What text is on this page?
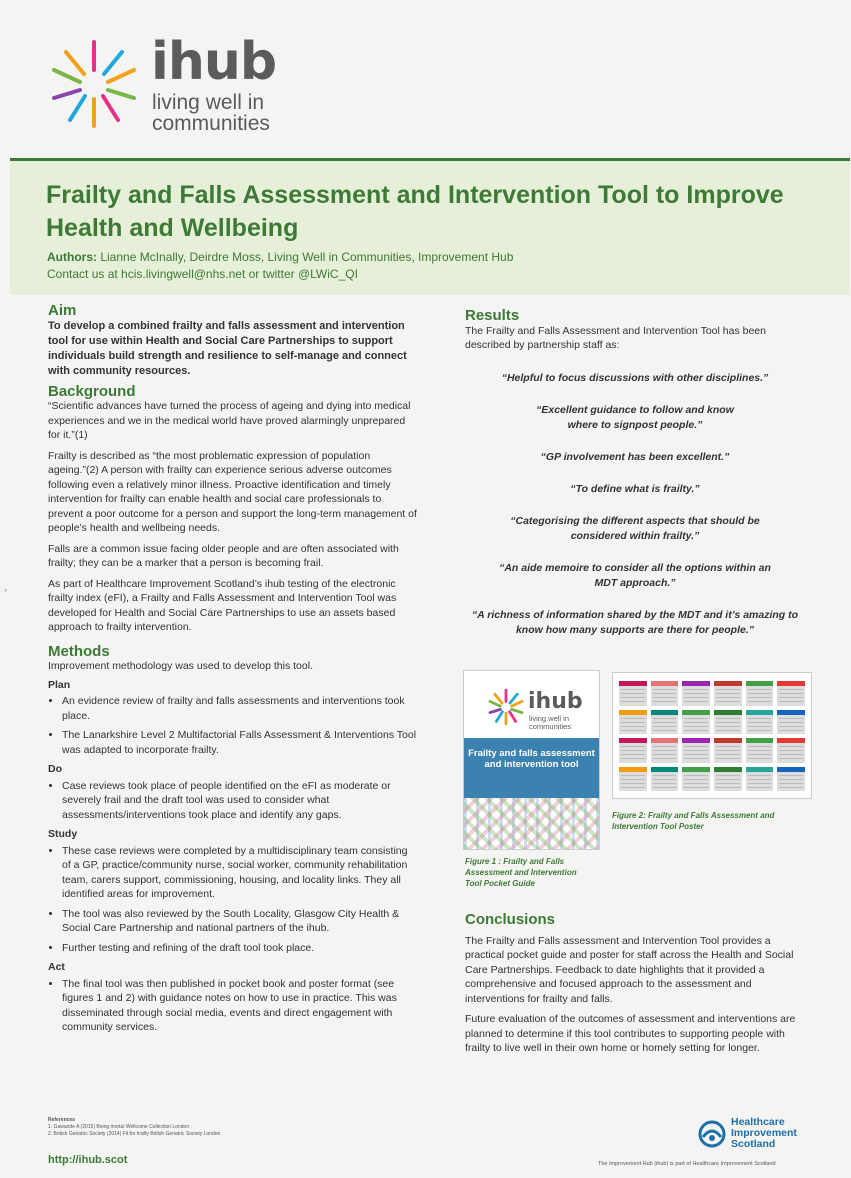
ihub
living well in
communities
Frailty and Falls Assessment and Intervention Tool to Improve Health and Wellbeing
Authors: Lianne McInally, Deirdre Moss, Living Well in Communities, Improvement Hub
Contact us at hcis.livingwell@nhs.net or twitter @LWiC_QI
◦
Aim

To develop a combined frailty and falls assessment and intervention tool for use within Health and Social Care Partnerships to support individuals build strength and resilience to self-manage and connect with community resources.

Background

“Scientific advances have turned the process of ageing and dying into medical experiences and we in the medical world have proved alarmingly unprepared for it.”(1)

Frailty is described as “the most problematic expression of population ageing.”(2) A person with frailty can experience serious adverse outcomes following even a relatively minor illness. Proactive identification and timely intervention for frailty can enable health and social care professionals to prevent a poor outcome for a person and support the long-term management of people’s health and wellbeing needs.

Falls are a common issue facing older people and are often associated with frailty; they can be a marker that a person is becoming frail.

As part of Healthcare Improvement Scotland’s ihub testing of the electronic frailty index (eFI), a Frailty and Falls Assessment and Intervention Tool was developed for Health and Social Care Partnerships to use an assets based approach to frailty intervention.

Methods

Improvement methodology was used to develop this tool.

Plan
• An evidence review of frailty and falls assessments and interventions took place.
• The Lanarkshire Level 2 Multifactorial Falls Assessment & Interventions Tool was adapted to incorporate frailty.
Do
• Case reviews took place of people identified on the eFI as moderate or severely frail and the draft tool was used to consider what assessments/interventions took place and identify any gaps.
Study
• These case reviews were completed by a multidisciplinary team consisting of a GP, practice/community nurse, social worker, community rehabilitation team, carers support, commissioning, housing, and locality links. They all identified areas for improvement.
• The tool was also reviewed by the South Locality, Glasgow City Health & Social Care Partnership and national partners of the ihub.
• Further testing and refining of the draft tool took place.
Act
• The final tool was then published in pocket book and poster format (see figures 1 and 2) with guidance notes on how to use in practice. This was disseminated through social media, events and direct engagement with community services.
Results

The Frailty and Falls Assessment and Intervention Tool has been described by partnership staff as:

“Helpful to focus discussions with other disciplines.”
“Excellent guidance to follow and know where to signpost people.”
“GP involvement has been excellent.”
“To define what is frailty.”
“Categorising the different aspects that should be considered within frailty.”
“An aide memoire to consider all the options within an MDT approach.”
“A richness of information shared by the MDT and it’s amazing to know how many supports are there for people.”
ihub
living well in communities
Frailty and falls assessment and intervention tool
Figure 1 : Frailty and Falls Assessment and Intervention Tool Pocket Guide
Figure 2: Frailty and Falls Assessment and Intervention Tool Poster
Conclusions

The Frailty and Falls assessment and Intervention Tool provides a practical pocket guide and poster for staff across the Health and Social Care Partnerships. Feedback to date highlights that it provided a comprehensive and focused approach to the assessment and interventions for frailty and falls.

Future evaluation of the outcomes of assessment and interventions are planned to determine if this tool contributes to supporting people with frailty to live well in their own home or homely setting for longer.

References
1. Gawande A (2015) Being mortal Wellcome Collection London
2. British Geriatric Society (2014) Fit for frailty British Geriatric Society London
http://ihub.scot
Healthcare
Improvement
Scotland
The Improvement Hub (ihub) is part of Healthcare Improvement Scotland
